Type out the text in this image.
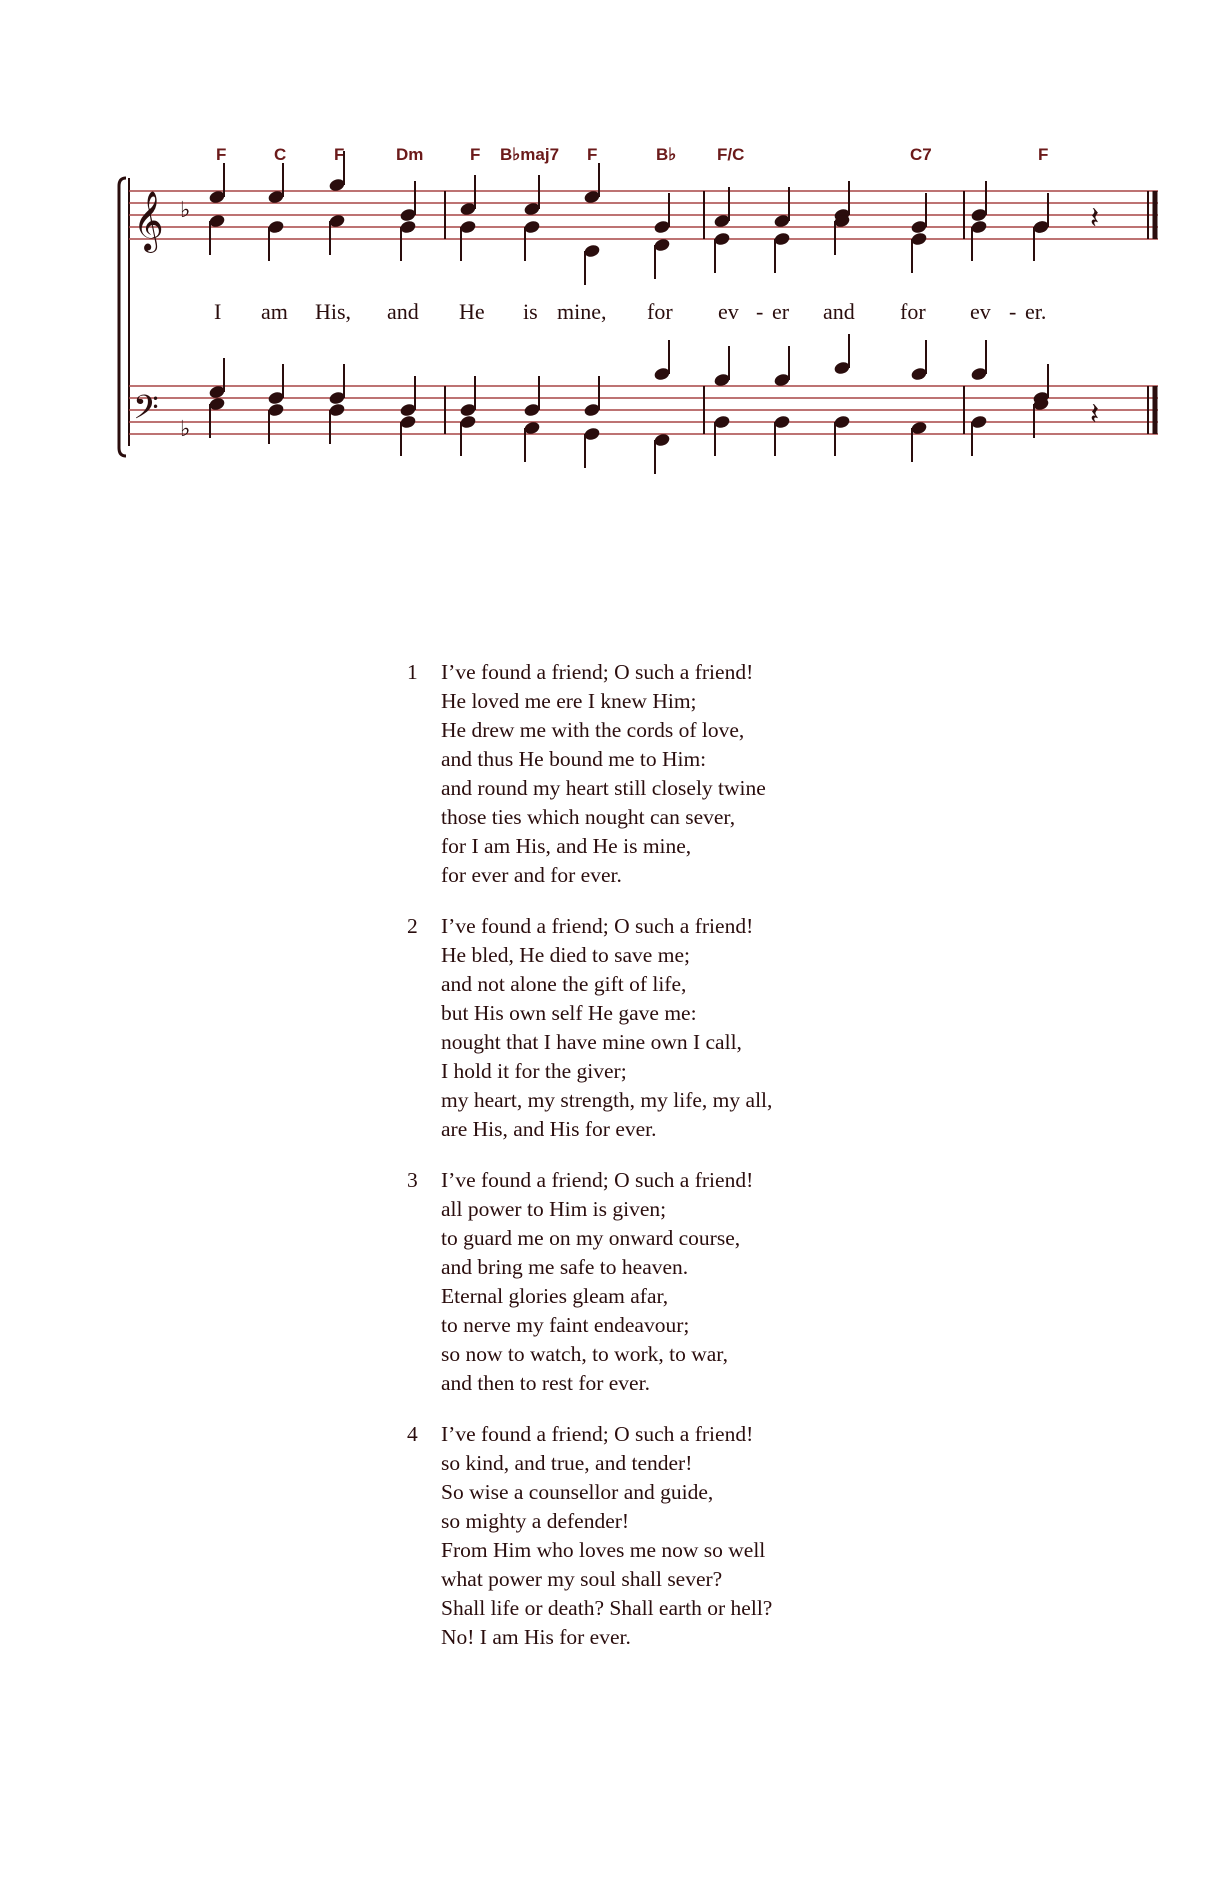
𝄞
𝄢
♭
♭
𝄽
𝄽
F	C	F	Dm	F B♭maj7 F	B♭ F/C	C7	F
I am His, and He is mine, for ev - er and for ev - er.
1	I’ve found a friend; O such a friend!
He loved me ere I knew Him;
He drew me with the cords of love,
and thus He bound me to Him:
and round my heart still closely twine
those ties which nought can sever,
for I am His, and He is mine,
for ever and for ever.
2	I’ve found a friend; O such a friend!
He bled, He died to save me;
and not alone the gift of life,
but His own self He gave me:
nought that I have mine own I call,
I hold it for the giver;
my heart, my strength, my life, my all,
are His, and His for ever.
3	I’ve found a friend; O such a friend!
all power to Him is given;
to guard me on my onward course,
and bring me safe to heaven.
Eternal glories gleam afar,
to nerve my faint endeavour;
so now to watch, to work, to war,
and then to rest for ever.
4	I’ve found a friend; O such a friend!
so kind, and true, and tender!
So wise a counsellor and guide,
so mighty a defender!
From Him who loves me now so well
what power my soul shall sever?
Shall life or death? Shall earth or hell?
No! I am His for ever.
